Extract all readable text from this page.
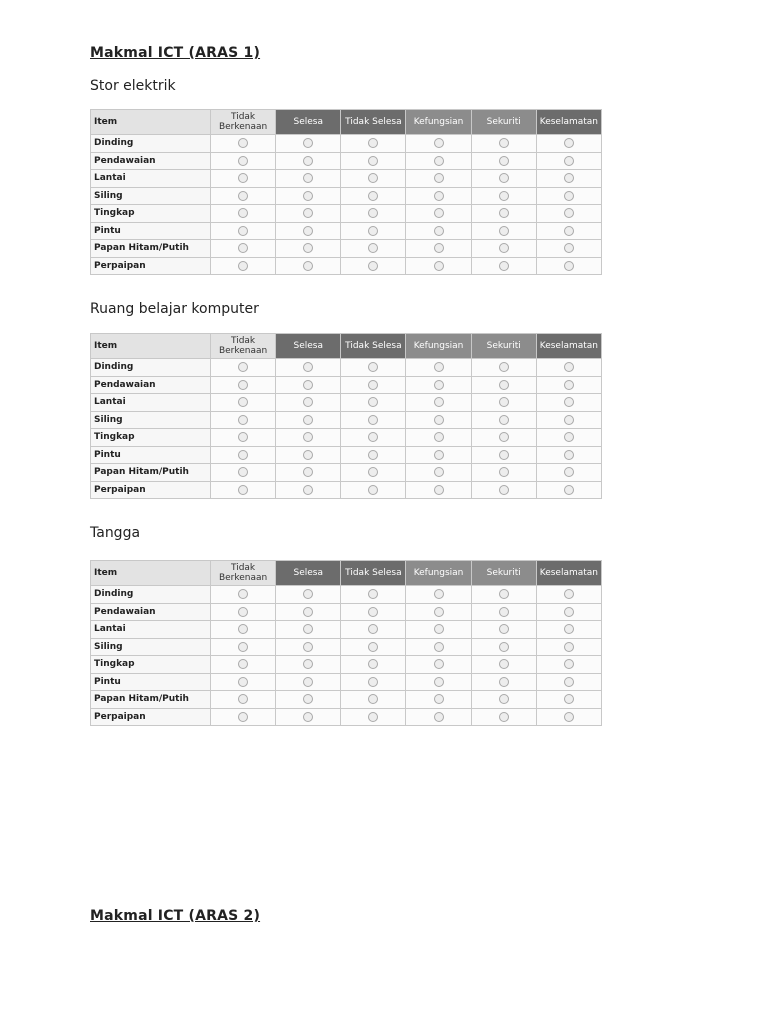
Makmal ICT (ARAS 1)
Stor elektrik
Item	Tidak Berkenaan	Selesa	Tidak Selesa	Kefungsian	Sekuriti	Keselamatan
Dinding						
Pendawaian						
Lantai						
Siling						
Tingkap						
Pintu						
Papan Hitam/Putih						
Perpaipan						
Ruang belajar komputer
Item	Tidak Berkenaan	Selesa	Tidak Selesa	Kefungsian	Sekuriti	Keselamatan
Dinding						
Pendawaian						
Lantai						
Siling						
Tingkap						
Pintu						
Papan Hitam/Putih						
Perpaipan						
Tangga
Item	Tidak Berkenaan	Selesa	Tidak Selesa	Kefungsian	Sekuriti	Keselamatan
Dinding						
Pendawaian						
Lantai						
Siling						
Tingkap						
Pintu						
Papan Hitam/Putih						
Perpaipan						
Makmal ICT (ARAS 2)
